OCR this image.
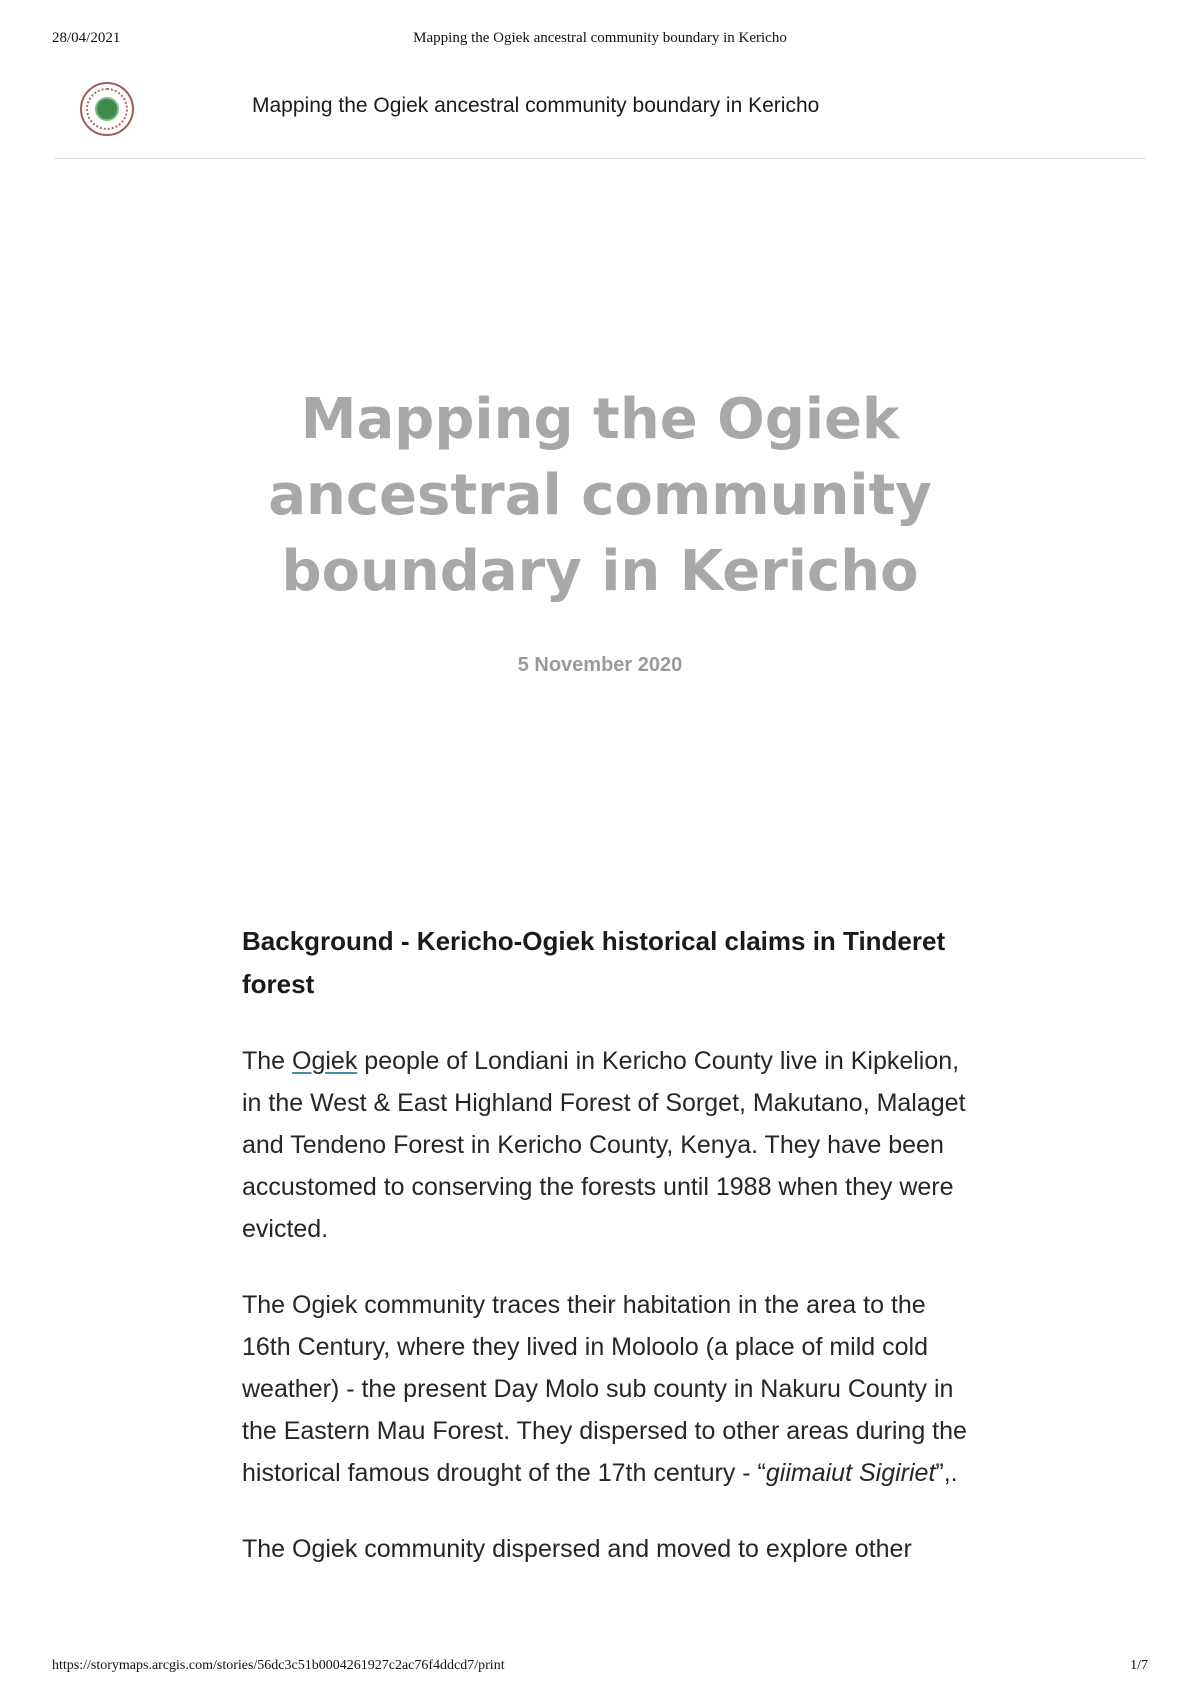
28/04/2021	Mapping the Ogiek ancestral community boundary in Kericho
Mapping the Ogiek ancestral community boundary in Kericho
Mapping the Ogiek ancestral community boundary in Kericho
5 November 2020
Background - Kericho-Ogiek historical claims in Tinderet forest

The Ogiek people of Londiani in Kericho County live in Kipkelion, in the West & East Highland Forest of Sorget, Makutano, Malaget and Tendeno Forest in Kericho County, Kenya. They have been accustomed to conserving the forests until 1988 when they were evicted.

The Ogiek community traces their habitation in the area to the 16th Century, where they lived in Moloolo (a place of mild cold weather) - the present Day Molo sub county in Nakuru County in the Eastern Mau Forest. They dispersed to other areas during the historical famous drought of the 17th century - “giimaiut Sigiriet”,.

The Ogiek community dispersed and moved to explore other

https://storymaps.arcgis.com/stories/56dc3c51b0004261927c2ac76f4ddcd7/print	1/7
